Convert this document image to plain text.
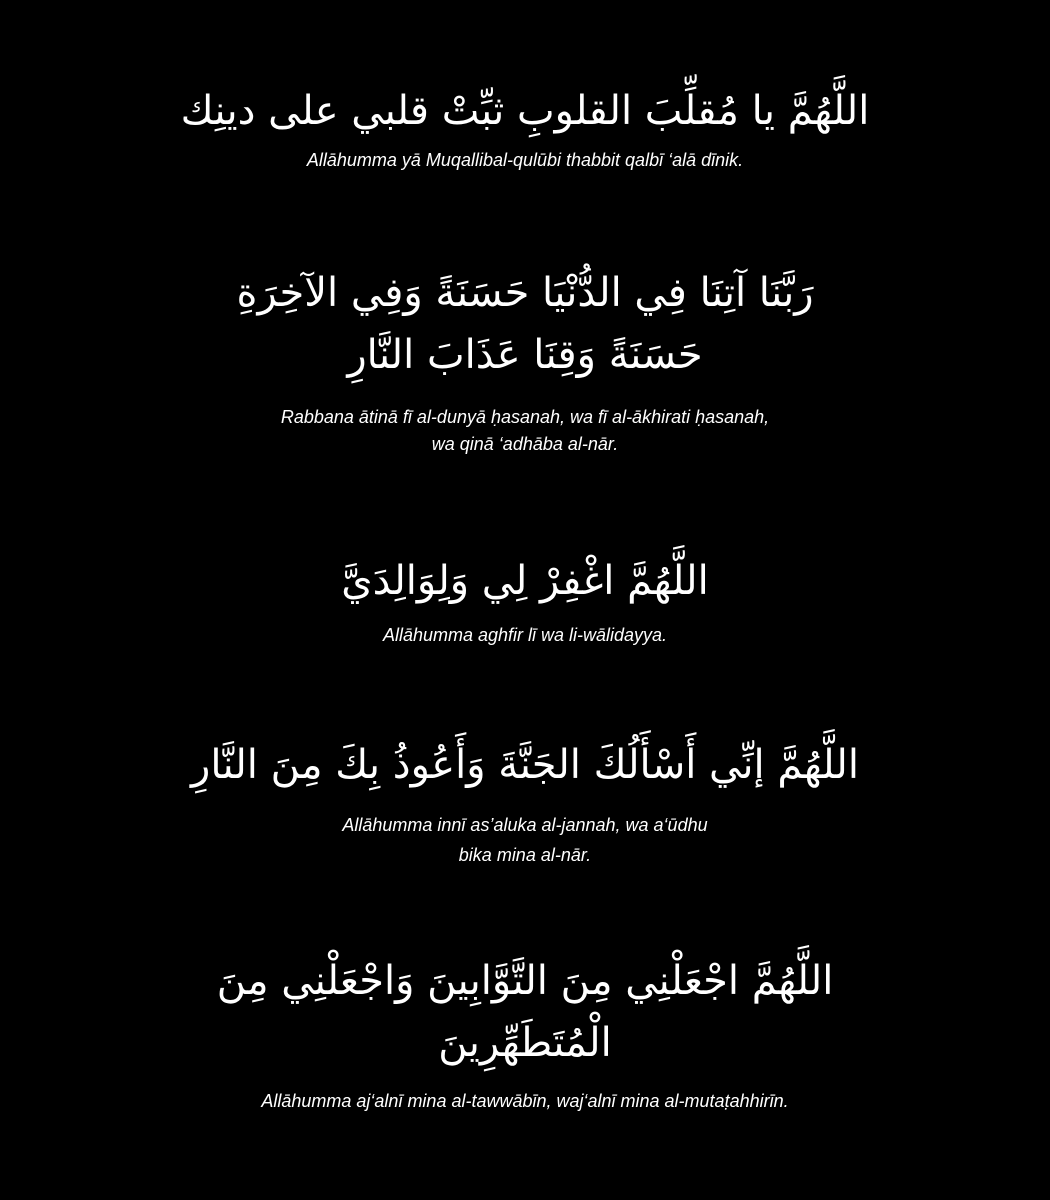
اللَّهُمَّ يا مُقلِّبَ القلوبِ ثبِّتْ قلبي على دينِك
Allāhumma yā Muqallibal-qulūbi thabbit qalbī ‘alā dīnik.
رَبَّنَا آتِنَا فِي الدُّنْيَا حَسَنَةً وَفِي الآخِرَةِ
حَسَنَةً وَقِنَا عَذَابَ النَّارِ
Rabbana ātinā fī al-dunyā ḥasanah, wa fī al-ākhirati ḥasanah,
wa qinā ‘adhāba al-nār.
اللَّهُمَّ اغْفِرْ لِي وَلِوَالِدَيَّ
Allāhumma aghfir lī wa li-wālidayya.
اللَّهُمَّ إنِّي أَسْأَلُكَ الجَنَّةَ وَأَعُوذُ بِكَ مِنَ النَّارِ
Allāhumma innī as’aluka al-jannah, wa a‘ūdhu
bika mina al-nār.
اللَّهُمَّ اجْعَلْنِي مِنَ التَّوَّابِينَ وَاجْعَلْنِي مِنَ
الْمُتَطَهِّرِينَ
Allāhumma aj‘alnī mina al-tawwābīn, waj‘alnī mina al-mutaṭahhirīn.
